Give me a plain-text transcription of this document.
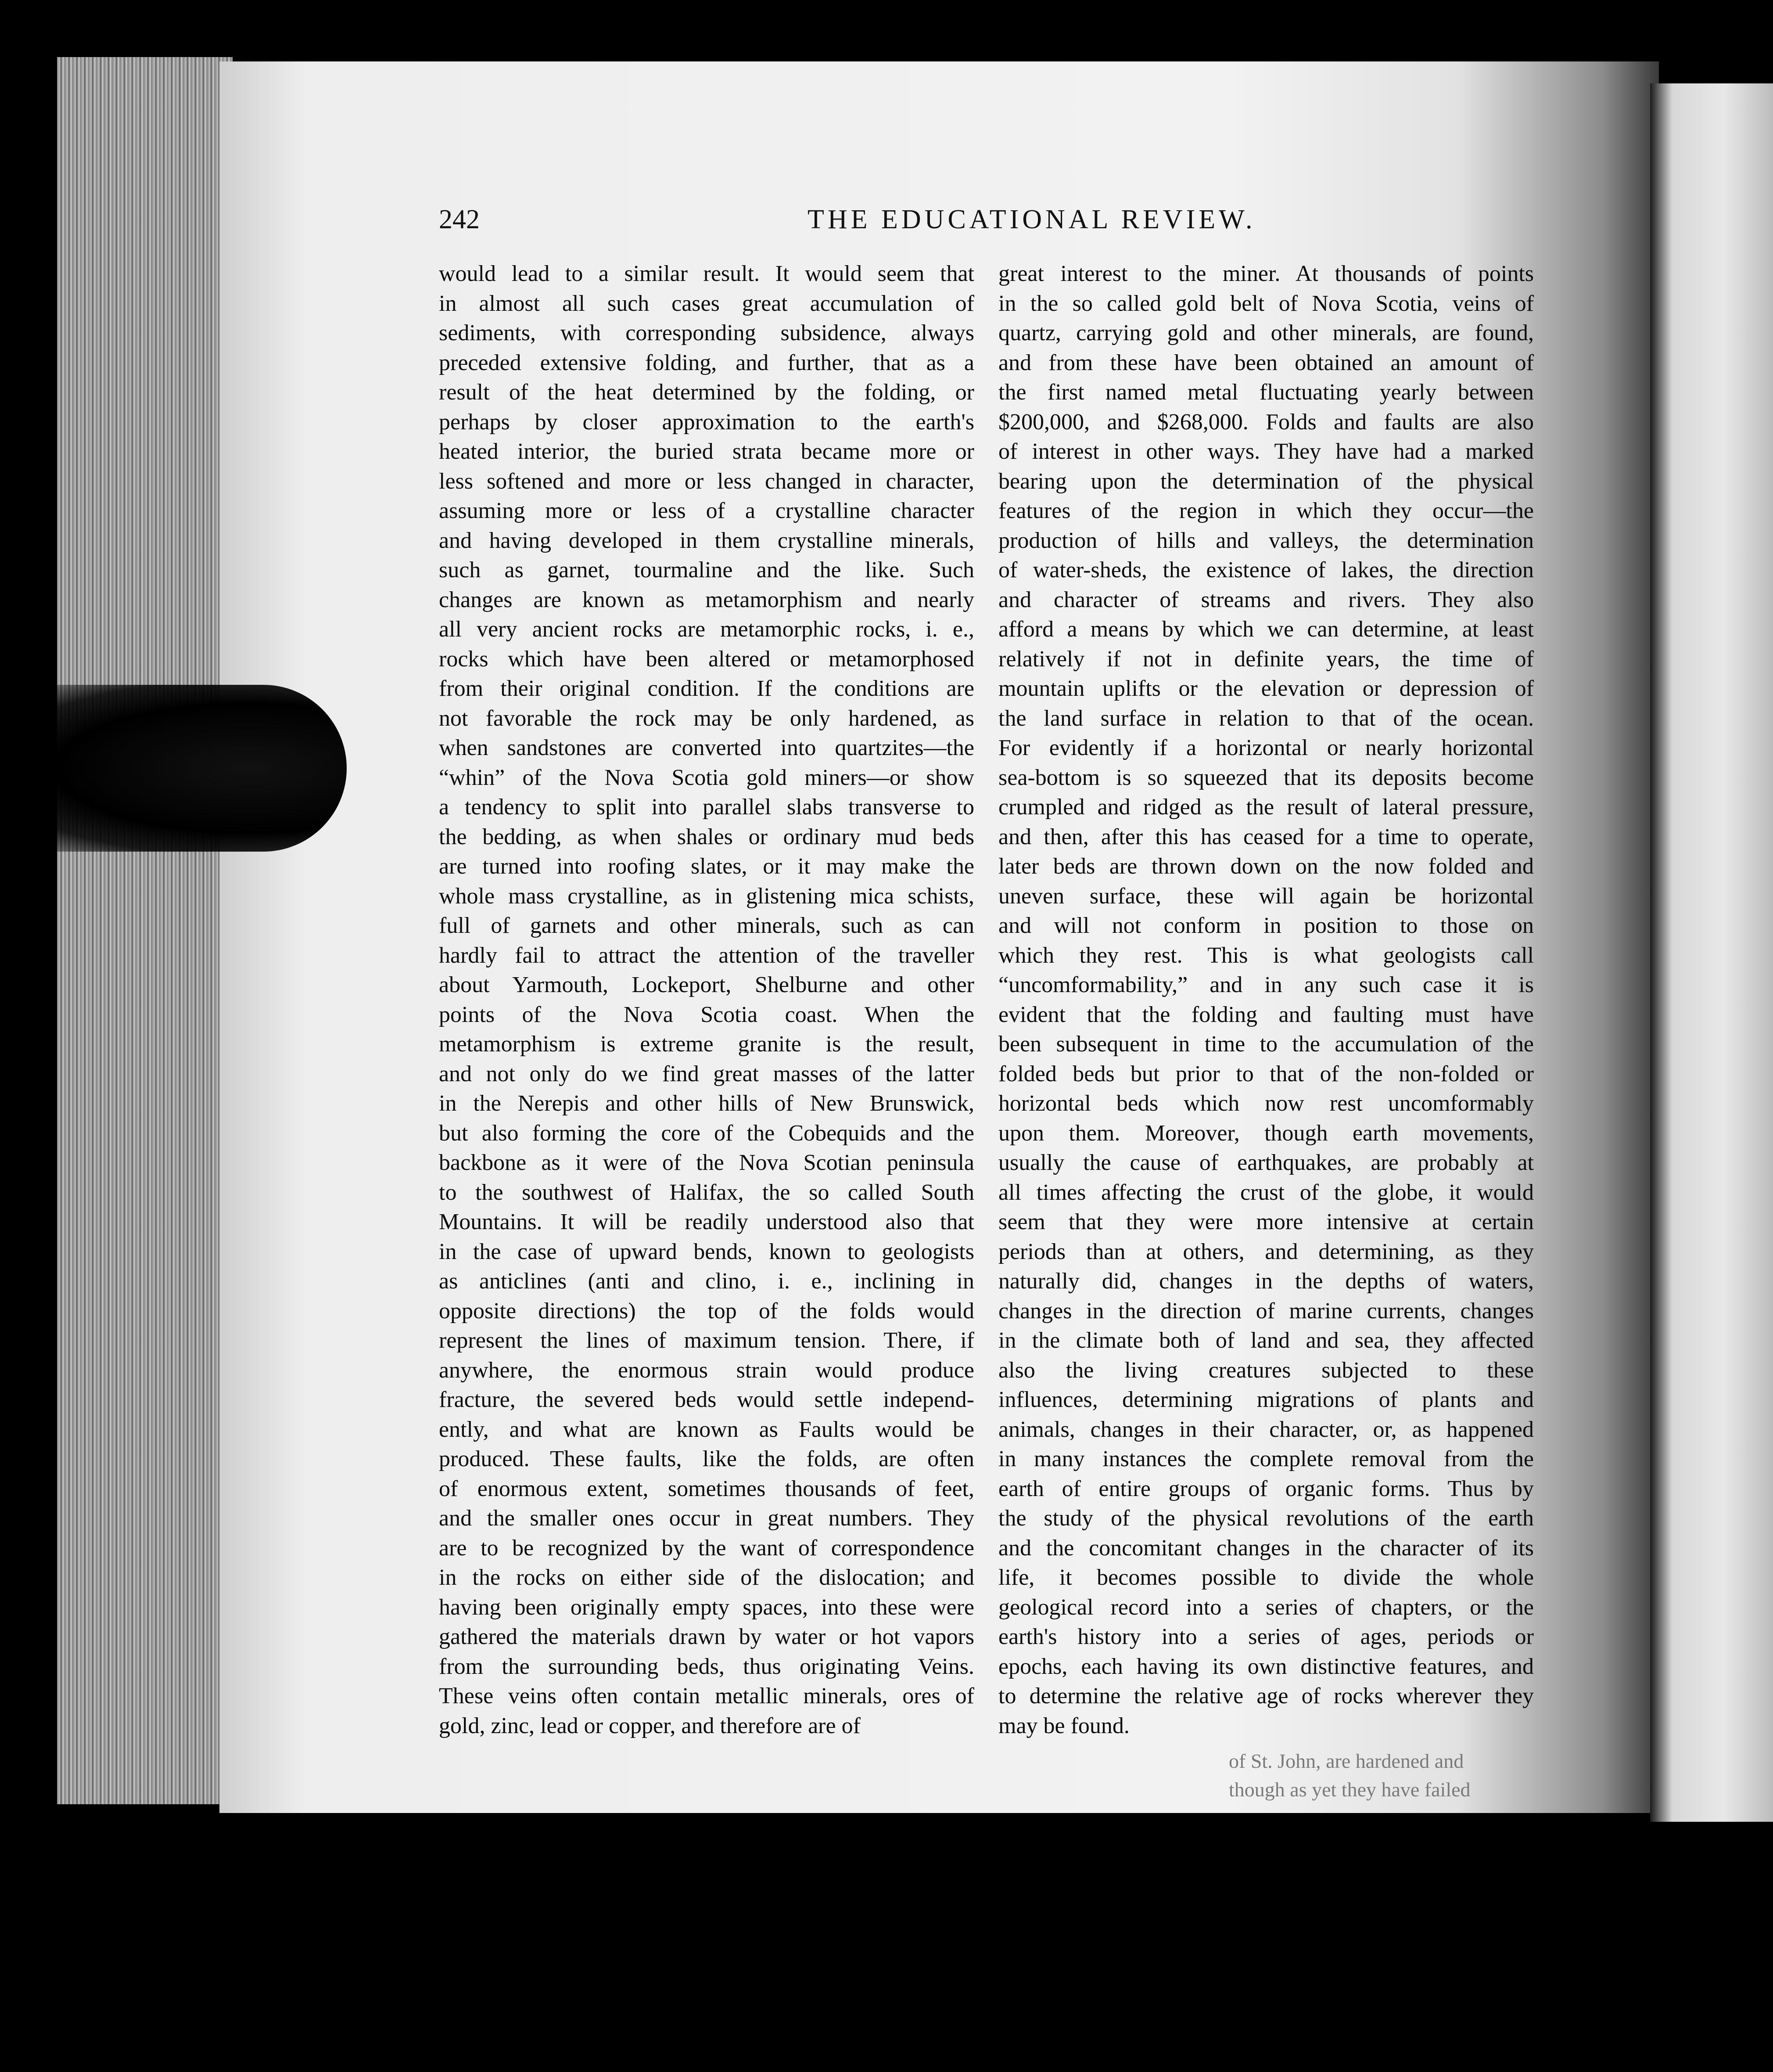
242	THE EDUCATIONAL REVIEW.
would lead to a similar result. It would seem that
in almost all such cases great accumulation of
sediments, with corresponding subsidence, always
preceded extensive folding, and further, that as a
result of the heat determined by the folding, or
perhaps by closer approximation to the earth's
heated interior, the buried strata became more or
less softened and more or less changed in character,
assuming more or less of a crystalline character
and having developed in them crystalline minerals,
such as garnet, tourmaline and the like. Such
changes are known as metamorphism and nearly
all very ancient rocks are metamorphic rocks, i. e.,
rocks which have been altered or metamorphosed
from their original condition. If the conditions are
not favorable the rock may be only hardened, as
when sandstones are converted into quartzites—the
“whin” of the Nova Scotia gold miners—or show
a tendency to split into parallel slabs transverse to
the bedding, as when shales or ordinary mud beds
are turned into roofing slates, or it may make the
whole mass crystalline, as in glistening mica schists,
full of garnets and other minerals, such as can
hardly fail to attract the attention of the traveller
about Yarmouth, Lockeport, Shelburne and other
points of the Nova Scotia coast. When the
metamorphism is extreme granite is the result,
and not only do we find great masses of the latter
in the Nerepis and other hills of New Brunswick,
but also forming the core of the Cobequids and the
backbone as it were of the Nova Scotian peninsula
to the southwest of Halifax, the so called South
Mountains. It will be readily understood also that
in the case of upward bends, known to geologists
as anticlines (anti and clino, i. e., inclining in
opposite directions) the top of the folds would
represent the lines of maximum tension. There, if
anywhere, the enormous strain would produce
fracture, the severed beds would settle independ-
ently, and what are known as Faults would be
produced. These faults, like the folds, are often
of enormous extent, sometimes thousands of feet,
and the smaller ones occur in great numbers. They
are to be recognized by the want of correspondence
in the rocks on either side of the dislocation; and
having been originally empty spaces, into these were
gathered the materials drawn by water or hot vapors
from the surrounding beds, thus originating Veins.
These veins often contain metallic minerals, ores of
gold, zinc, lead or copper, and therefore are of
great interest to the miner. At thousands of points
in the so called gold belt of Nova Scotia, veins of
quartz, carrying gold and other minerals, are found,
and from these have been obtained an amount of
the first named metal fluctuating yearly between
$200,000, and $268,000. Folds and faults are also
of interest in other ways. They have had a marked
bearing upon the determination of the physical
features of the region in which they occur—the
production of hills and valleys, the determination
of water-sheds, the existence of lakes, the direction
and character of streams and rivers. They also
afford a means by which we can determine, at least
relatively if not in definite years, the time of
mountain uplifts or the elevation or depression of
the land surface in relation to that of the ocean.
For evidently if a horizontal or nearly horizontal
sea-bottom is so squeezed that its deposits become
crumpled and ridged as the result of lateral pressure,
and then, after this has ceased for a time to operate,
later beds are thrown down on the now folded and
uneven surface, these will again be horizontal
and will not conform in position to those on
which they rest. This is what geologists call
“uncomformability,” and in any such case it is
evident that the folding and faulting must have
been subsequent in time to the accumulation of the
folded beds but prior to that of the non-folded or
horizontal beds which now rest uncomformably
upon them. Moreover, though earth movements,
usually the cause of earthquakes, are probably at
all times affecting the crust of the globe, it would
seem that they were more intensive at certain
periods than at others, and determining, as they
naturally did, changes in the depths of waters,
changes in the direction of marine currents, changes
in the climate both of land and sea, they affected
also the living creatures subjected to these
influences, determining migrations of plants and
animals, changes in their character, or, as happened
in many instances the complete removal from the
earth of entire groups of organic forms. Thus by
the study of the physical revolutions of the earth
and the concomitant changes in the character of its
life, it becomes possible to divide the whole
geological record into a series of chapters, or the
earth's history into a series of ages, periods or
epochs, each having its own distinctive features, and
to determine the relative age of rocks wherever they
may be found.
of St. John, are hardened and
though as yet they have failed
